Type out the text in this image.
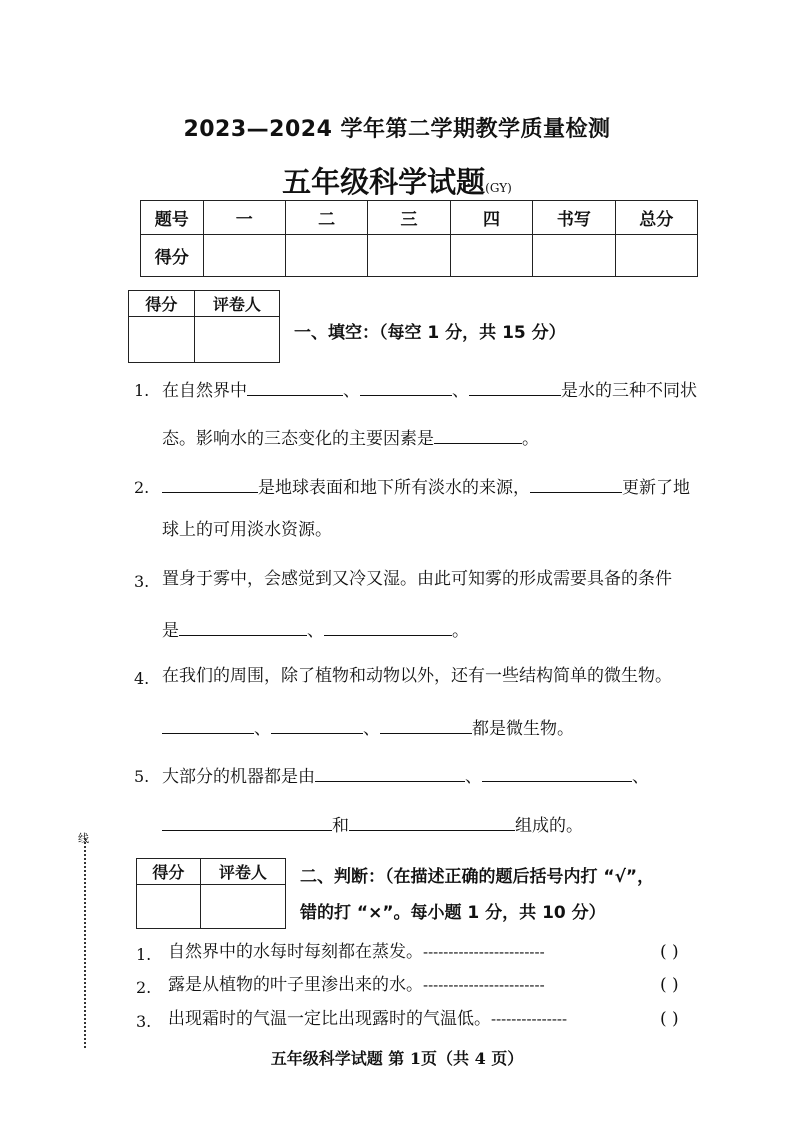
2023—2024 学年第二学期教学质量检测
五年级科学试题(GY)
题号	一	二	三	四	书写	总分
得分						
得分	评卷人

一、填空：（每空 1 分，共 15 分）
1. 在自然界中	、	、	是水的三种不同状
态。影响水的三态变化的主要因素是	。
2.	是地球表面和地下所有淡水的来源，	更新了地
球上的可用淡水资源。
3. 置身于雾中，会感觉到又冷又湿。由此可知雾的形成需要具备的条件
是	、	。
4. 在我们的周围，除了植物和动物以外，还有一些结构简单的微生物。
、	、	都是微生物。
5. 大部分的机器都是由	、	、
和	组成的。
线
得分	评卷人
	二、判断：（在描述正确的题后括号内打 “√”，
错的打 “×”。每小题 1 分，共 10 分）
1. 自然界中的水每时每刻都在蒸发。------------------------	( )
2. 露是从植物的叶子里渗出来的水。------------------------	( )
3. 出现霜时的气温一定比出现露时的气温低。---------------	( )
五年级科学试题 第 1页（共 4 页）
